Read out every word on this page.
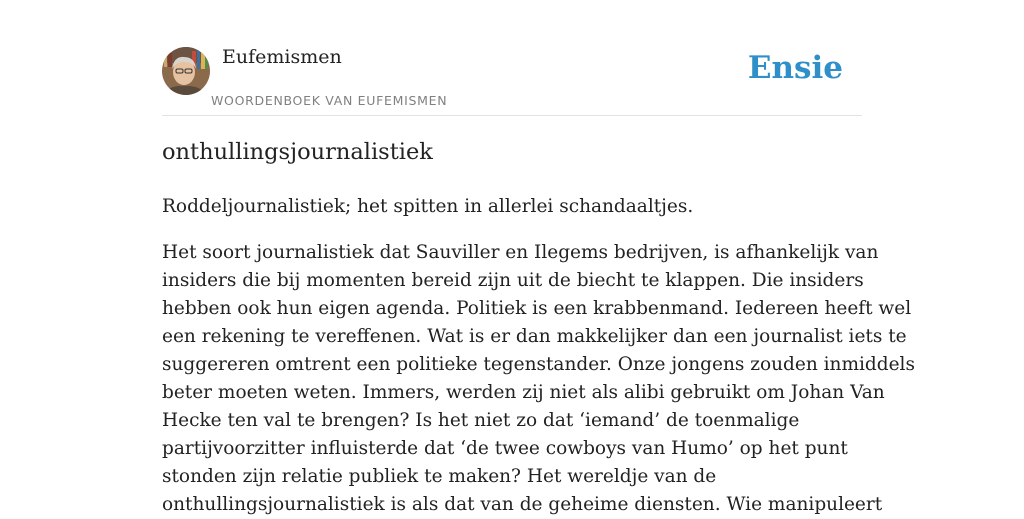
Eufemismen
WOORDENBOEK VAN EUFEMISMEN
Ensie
onthullingsjournalistiek

Roddeljournalistiek; het spitten in allerlei schandaaltjes.

Het soort journalistiek dat Sauviller en Ilegems bedrijven, is afhankelijk van
insiders die bij momenten bereid zijn uit de biecht te klappen. Die insiders
hebben ook hun eigen agenda. Politiek is een krabbenmand. Iedereen heeft wel
een rekening te vereffenen. Wat is er dan makkelijker dan een journalist iets te
suggereren omtrent een politieke tegenstander. Onze jongens zouden inmiddels
beter moeten weten. Immers, werden zij niet als alibi gebruikt om Johan Van
Hecke ten val te brengen? Is het niet zo dat ‘iemand’ de toenmalige
partijvoorzitter influisterde dat ‘de twee cowboys van Humo’ op het punt
stonden zijn relatie publiek te maken? Het wereldje van de
onthullingsjournalistiek is als dat van de geheime diensten. Wie manipuleert
